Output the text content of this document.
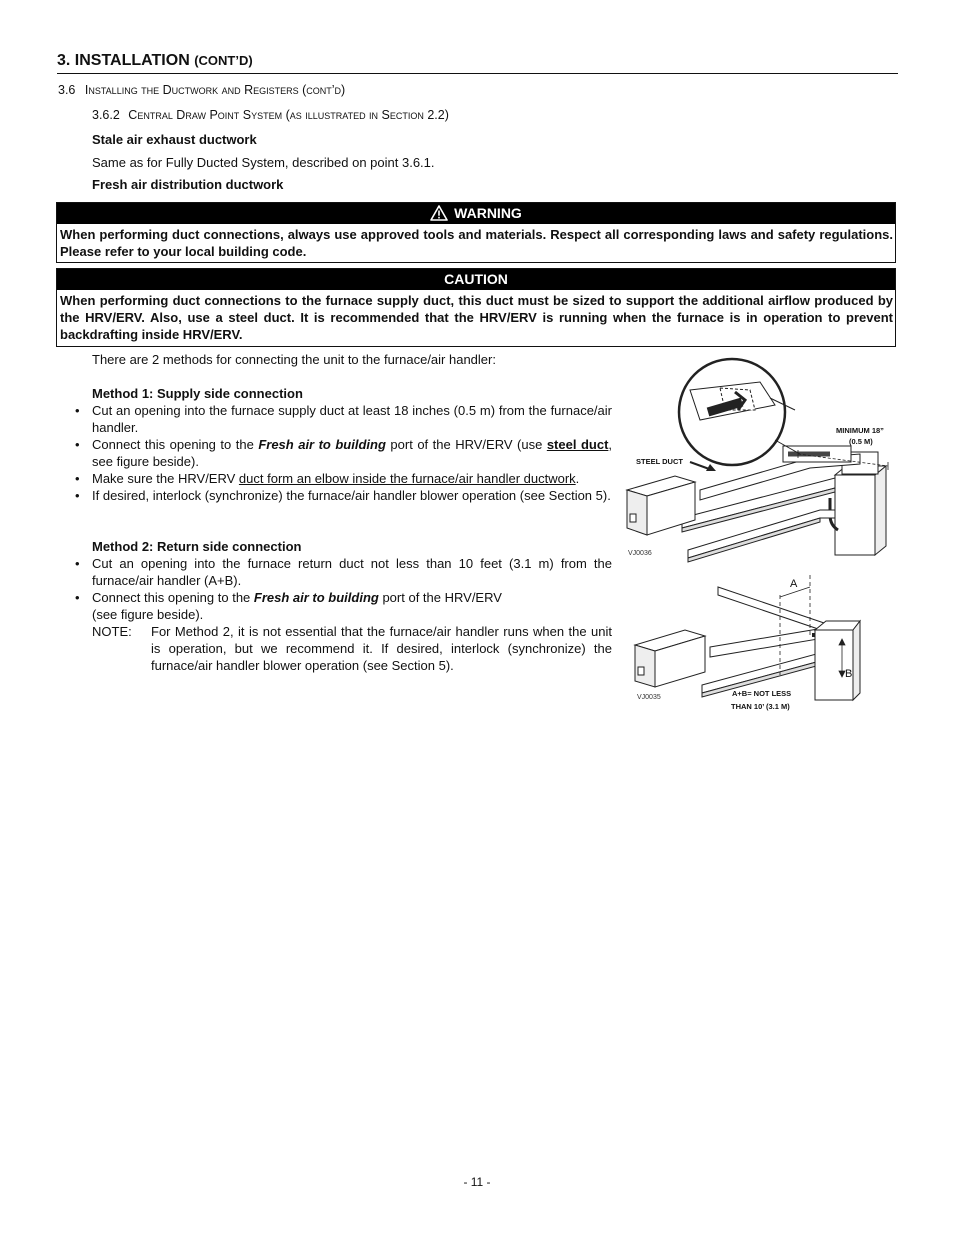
3. INSTALLATION (CONT’D)
3.6 Installing the Ductwork and Registers (cont’d)
3.6.2 Central Draw Point System (as illustrated in Section 2.2)
Stale air exhaust ductwork
Same as for Fully Ducted System, described on point 3.6.1.
Fresh air distribution ductwork
WARNING
When performing duct connections, always use approved tools and materials. Respect all corresponding laws and safety regulations. Please refer to your local building code.
CAUTION
When performing duct connections to the furnace supply duct, this duct must be sized to support the additional airflow produced by the HRV/ERV. Also, use a steel duct. It is recommended that the HRV/ERV is running when the furnace is in operation to prevent backdrafting inside HRV/ERV.

There are 2 methods for connecting the unit to the furnace/air handler:

Method 1: Supply side connection

• Cut an opening into the furnace supply duct at least 18 inches (0.5 m) from the furnace/air handler.
• Connect this opening to the Fresh air to building port of the HRV/ERV (use steel duct, see figure beside).
• Make sure the HRV/ERV duct form an elbow inside the furnace/air handler ductwork.
• If desired, interlock (synchronize) the furnace/air handler blower operation (see Section 5).

Method 2: Return side connection

• Cut an opening into the furnace return duct not less than 10 feet (3.1 m) from the furnace/air handler (A+B).
• Connect this opening to the Fresh air to building port of the HRV/ERV
(see figure beside).
NOTE:	For Method 2, it is not essential that the furnace/air handler runs when the unit is operation, but we recommend it. If desired, interlock (synchronize) the furnace/air handler blower operation (see Section 5).
STEEL DUCT
MINIMUM 18”
(0.5 M)
VJ0036
A
B
VJ0035	A+B= NOT LESS
THAN 10’ (3.1 M)
- 11 -
